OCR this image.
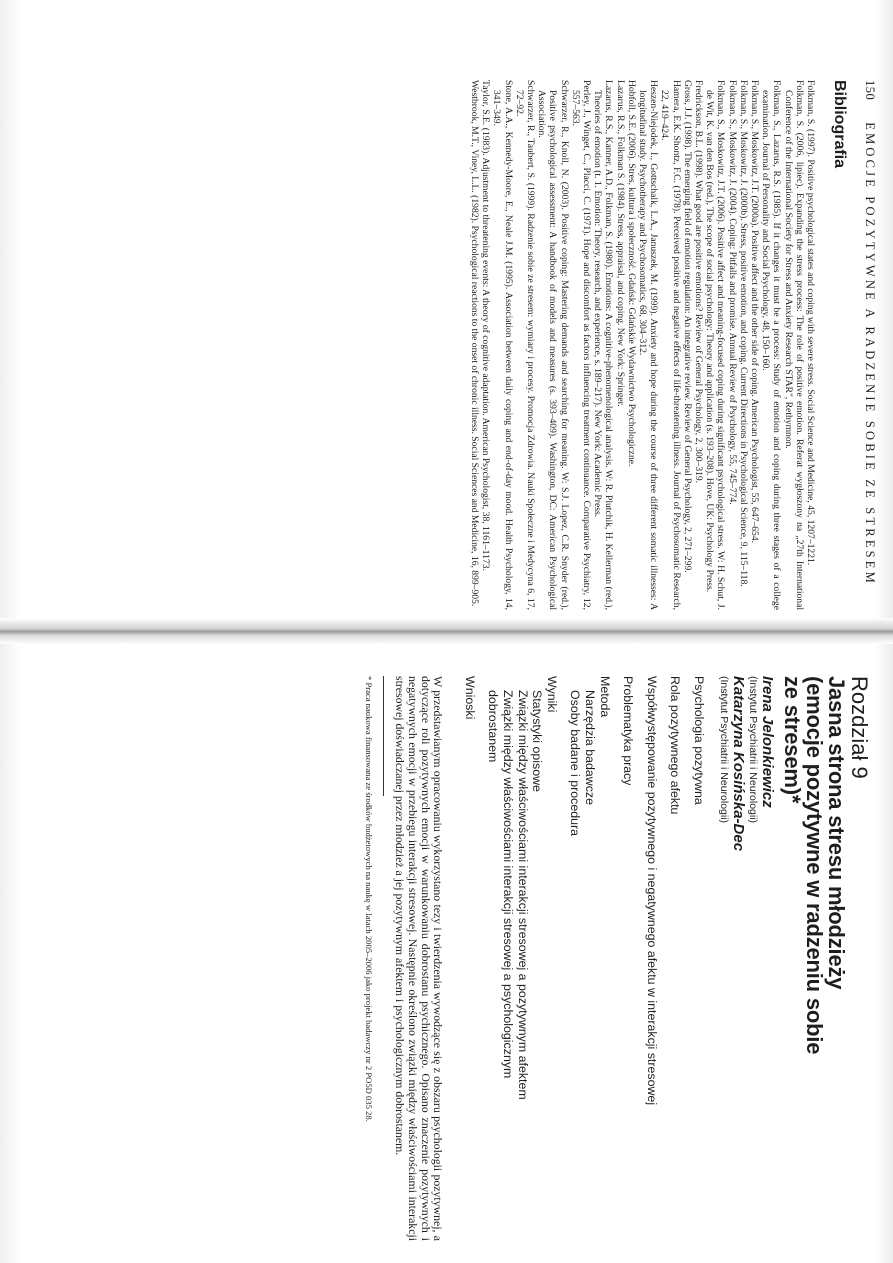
150
EMOCJE POZYTYWNE A RADZENIE SOBIE ZE STRESEM
Bibliografia
Folkman, S. (1997). Positive psychological states and coping with severe stress. Social Science and Medicine, 45, 1207–1221.
Folkman, S. (2006, lipiec). Expanding the stress process: The role of positive emotion. Referat wygłoszony na „27th International Conference of the International Society for Stress and Anxiety Research STAR", Rethymnon.
Folkman, S., Lazarus, R.S. (1985). If it changes it must be a process: Study of emotion and coping during three stages of a college examination. Journal of Personality and Social Psychology, 48, 150–160.
Folkman, S., Moskowitz, J.T. (2000a). Positive affect and the other side of coping. American Psychologist, 55, 647–654.
Folkman, S., Moskowitz, J. (2000b). Stress, positive emotion, and coping. Current Directions in Psychological Science, 9, 115–118.
Folkman, S., Moskowitz, J. (2004). Coping: Pitfalls and promise. Annual Review of Psychology, 55, 745–774.
Folkman, S., Moskowitz, J.T. (2006). Positive affect and meaning-focused coping during significant psychological stress. W: H. Schut, J. de Wit, K. van den Bos (red.), The scope of social psychology: Theory and application (s. 193–208). Hove, UK: Psychology Press.
Fredrickson, B.L. (1998). What good are positive emotions? Review of General Psychology, 2, 300–319.
Gross, J.J. (1998). The emerging field of emotion regulation: An integrative review. Review of General Psychology, 2, 271–299.
Hamera, E.K. Shontz, F.C. (1978). Perceived positive and negative effects of life-threatening illness. Journal of Psychosomatic Research, 22, 419–424.
Heszen-Niejodek, I., Gottschalk, L.A., Januszek, M. (1999). Anxiety and hope during the course of three different somatic illnesses: A longitudinal study. Psychotherapy and Psychosomatics, 68, 304–312.
Hobfoll, S.E. (2006). Stres, kultura i społeczność. Gdańsk: Gdańskie Wydawnictwo Psychologiczne.
Lazarus, R.S., Folkman S. (1984). Stress, appraisal, and coping. New York: Springer.
Lazarus, R.S., Kanner, A.D., Folkman, S. (1980). Emotions: A cognitive-phenomenological analysis. W: R. Plutchik, H. Kellerman (red.), Theories of emotion (t. 1. Emotion: Theory, research, and experience, s. 189–217). New York: Academic Press.
Perley, J., Winget, C., Placci, C. (1971). Hope and discomfort as factors influencing treatment continuance. Comparative Psychiatry, 12, 557–563.
Schwarzer, R., Knoll, N. (2003). Positive coping: Mastering demands and searching for meaning. W: S.J. Lopez, C.R. Snyder (red.), Positive psychological assessment: A handbook of models and measures (s. 393–409). Washington, DC: American Psychological Association.
Schwarzer, R., Taubert, S. (1999). Radzenie sobie ze stresem: wymiary i procesy. Promocja Zdrowia. Nauki Społeczne i Medycyna 6, 17, 72–92.
Stone, A.A., Kennedy-Moore, E., Neale J.M. (1995). Association between daily coping and end-of-day mood. Health Psychology, 14, 341–349.
Taylor, S.E. (1983). Adjustment to threatening events: A theory of cognitive adaptation. American Psychologist, 38, 1161–1173.
Westbrook, M.T., Viney, L.L. (1982). Psychological reactions to the onset of chronic illness. Social Sciences and Medicine, 16, 899–905.
Rozdział 9
Jasna strona stresu młodzieży
(emocje pozytywne w radzeniu sobie
ze stresem)*
Irena Jelonkiewicz
(Instytut Psychiatrii i Neurologii)
Katarzyna Kosińska-Dec
(Instytut Psychiatrii i Neurologii)
Psychologia pozytywna
Rola pozytywnego afektu
Współwystępowanie pozytywnego i negatywnego afektu w interakcji stresowej
Problematyka pracy
Metoda
Narzędzia badawcze
Osoby badane i procedura
Wyniki
Statystyki opisowe
Związki między właściwościami interakcji stresowej a pozytywnym afektem
Związki między właściwościami interakcji stresowej a psychologicznym
dobrostanem
Wnioski

W przedstawianym opracowaniu wykorzystano tezy i twierdzenia wywodzące się z obszaru psychologii pozytywnej, a dotyczące roli pozytywnych emocji w warunkowaniu dobrostanu psychicznego. Opisano znaczenie pozytywnych i negatywnych emocji w przebiegu interakcji stresowej. Następnie określono związki między właściwościami interakcji stresowej doświadczanej przez młodzież a jej pozytywnym afektem i psychologicznym dobrostanem.

* Praca naukowa finansowana ze środków budżetowych na naukę w latach 2005–2006 jako projekt badawczy nr 2 PO5D 035 28.
